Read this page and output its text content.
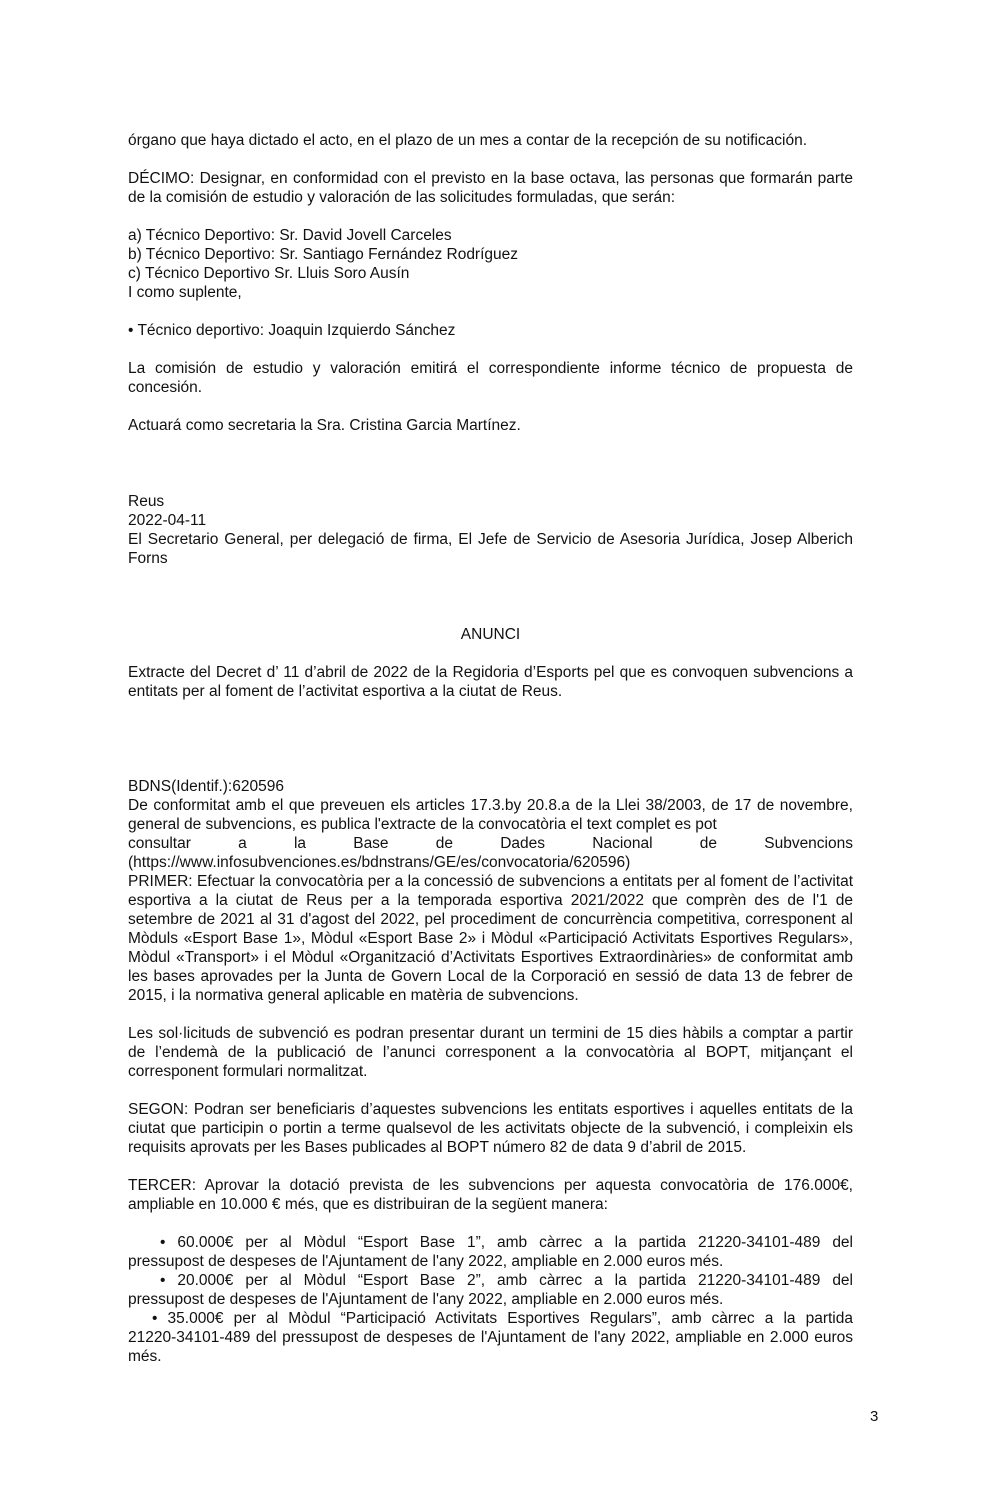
órgano que haya dictado el acto, en el plazo de un mes a contar de la recepción de su notificación.

DÉCIMO: Designar, en conformidad con el previsto en la base octava, las personas que formarán parte de la comisión de estudio y valoración de las solicitudes formuladas, que serán:

a) Técnico Deportivo: Sr. David Jovell Carceles
b) Técnico Deportivo: Sr. Santiago Fernández Rodríguez
c) Técnico Deportivo Sr. Lluis Soro Ausín
I como suplente,

• Técnico deportivo: Joaquin Izquierdo Sánchez

La comisión de estudio y valoración emitirá el correspondiente informe técnico de propuesta de concesión.

Actuará como secretaria la Sra. Cristina Garcia Martínez.

Reus
2022-04-11
El Secretario General, per delegació de firma, El Jefe de Servicio de Asesoria Jurídica, Josep Alberich Forns

ANUNCI

Extracte del Decret d’ 11 d’abril de 2022 de la Regidoria d’Esports pel que es convoquen subvencions a entitats per al foment de l’activitat esportiva a la ciutat de Reus.

BDNS(Identif.):620596
De conformitat amb el que preveuen els articles 17.3.by 20.8.a de la Llei 38/2003, de 17 de novembre, general de subvencions, es publica l'extracte de la convocatòria el text complet es pot
consultar a la Base de Dades Nacional de Subvencions
(https://www.infosubvenciones.es/bdnstrans/GE/es/convocatoria/620596)
PRIMER: Efectuar la convocatòria per a la concessió de subvencions a entitats per al foment de l’activitat esportiva a la ciutat de Reus per a la temporada esportiva 2021/2022 que comprèn des de l'1 de setembre de 2021 al 31 d'agost del 2022, pel procediment de concurrència competitiva, corresponent al Mòduls «Esport Base 1», Mòdul «Esport Base 2» i Mòdul «Participació Activitats Esportives Regulars», Mòdul «Transport» i el Mòdul «Organització d’Activitats Esportives Extraordinàries» de conformitat amb les bases aprovades per la Junta de Govern Local de la Corporació en sessió de data 13 de febrer de 2015, i la normativa general aplicable en matèria de subvencions.

Les sol·licituds de subvenció es podran presentar durant un termini de 15 dies hàbils a comptar a partir de l’endemà de la publicació de l’anunci corresponent a la convocatòria al BOPT, mitjançant el corresponent formulari normalitzat.

SEGON: Podran ser beneficiaris d’aquestes subvencions les entitats esportives i aquelles entitats de la ciutat que participin o portin a terme qualsevol de les activitats objecte de la subvenció, i compleixin els requisits aprovats per les Bases publicades al BOPT número 82 de data 9 d’abril de 2015.

TERCER: Aprovar la dotació prevista de les subvencions per aquesta convocatòria de 176.000€, ampliable en 10.000 € més, que es distribuiran de la següent manera:

• 60.000€ per al Mòdul “Esport Base 1”, amb càrrec a la partida 21220-34101-489 del
pressupost de despeses de l'Ajuntament de l'any 2022, ampliable en 2.000 euros més.
• 20.000€ per al Mòdul “Esport Base 2”, amb càrrec a la partida 21220-34101-489 del
pressupost de despeses de l'Ajuntament de l'any 2022, ampliable en 2.000 euros més.
• 35.000€ per al Mòdul “Participació Activitats Esportives Regulars”, amb càrrec a la partida
21220-34101-489 del pressupost de despeses de l'Ajuntament de l'any 2022, ampliable en 2.000 euros més.
3
